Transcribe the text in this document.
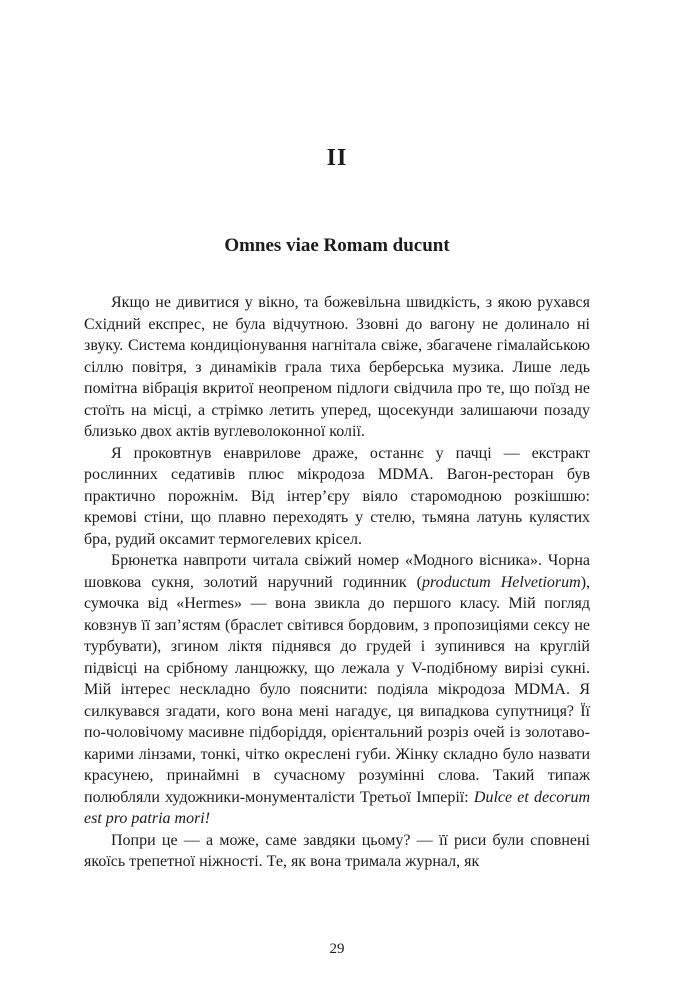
II
Omnes viae Romam ducunt

Якщо не дивитися у вікно, та божевільна швидкість, з якою рухався Східний експрес, не була відчутною. Ззовні до вагону не долинало ні звуку. Система кондиціонування нагнітала свіже, збагачене гімалайською сіллю повітря, з динаміків грала тиха берберська музика. Лише ледь помітна вібрація вкритої неопреном підлоги свідчила про те, що поїзд не стоїть на місці, а стрімко летить уперед, щосекунди залишаючи позаду близько двох актів вуглеволоконної колії.

Я проковтнув енаврилове драже, останнє у пачці — екстракт рослинних седативів плюс мікродоза MDMA. Вагон-ресторан був практично порожнім. Від інтер’єру віяло старомодною розкішшю: кремові стіни, що плавно переходять у стелю, тьмяна латунь кулястих бра, рудий оксамит термогелевих крісел.

Брюнетка навпроти читала свіжий номер «Модного вісника». Чорна шовкова сукня, золотий наручний годинник (productum Helvetiorum), сумочка від «Hermes» — вона звикла до першого класу. Мій погляд ковзнув її зап’ястям (браслет світився бордовим, з пропозиціями сексу не турбувати), згином ліктя піднявся до грудей і зупинився на круглій підвісці на срібному ланцюжку, що лежала у V-подібному вирізі сукні. Мій інтерес нескладно було пояснити: подіяла мікродоза MDMA. Я силкувався згадати, кого вона мені нагадує, ця випадкова супутниця? Її по-чоловічому масивне підборіддя, орієнтальний розріз очей із золотаво-карими лінзами, тонкі, чітко окреслені губи. Жінку складно було назвати красунею, принаймні в сучасному розумінні слова. Такий типаж полюбляли художники-монументалісти Третьої Імперії: Dulce et decorum est pro patria mori!

Попри це — а може, саме завдяки цьому? — її риси були сповнені якоїсь трепетної ніжності. Те, як вона тримала журнал, як

29
